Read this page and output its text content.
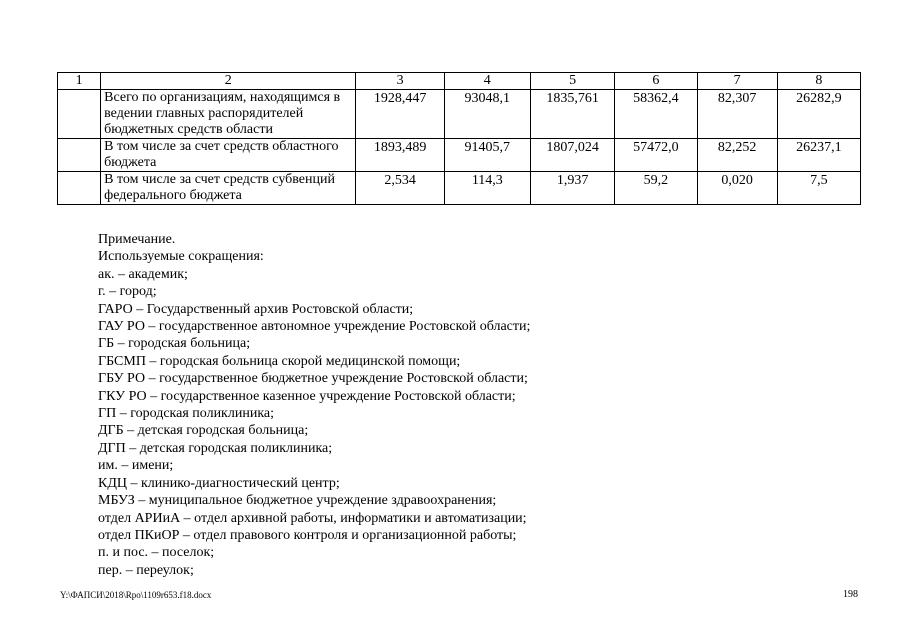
1	2	3	4	5	6	7	8
	Всего по организациям, находящимся в ведении главных распорядителей бюджетных средств области	1928,447	93048,1	1835,761	58362,4	82,307	26282,9
	В том числе за счет средств областного бюджета	1893,489	91405,7	1807,024	57472,0	82,252	26237,1
	В том числе за счет средств субвенций федерального бюджета	2,534	114,3	1,937	59,2	0,020	7,5
Примечание.
Используемые сокращения:
ак. – академик;
г. – город;
ГАРО – Государственный архив Ростовской области;
ГАУ РО – государственное автономное учреждение Ростовской области;
ГБ – городская больница;
ГБСМП – городская больница скорой медицинской помощи;
ГБУ РО – государственное бюджетное учреждение Ростовской области;
ГКУ РО – государственное казенное учреждение Ростовской области;
ГП – городская поликлиника;
ДГБ – детская городская больница;
ДГП – детская городская поликлиника;
им. – имени;
КДЦ – клинико-диагностический центр;
МБУЗ – муниципальное бюджетное учреждение здравоохранения;
отдел АРИиА – отдел архивной работы, информатики и автоматизации;
отдел ПКиОР – отдел правового контроля и организационной работы;
п. и пос. – поселок;
пер. – переулок;
Y:\ФАПСИ\2018\Rpo\1109r653.f18.docx	198
